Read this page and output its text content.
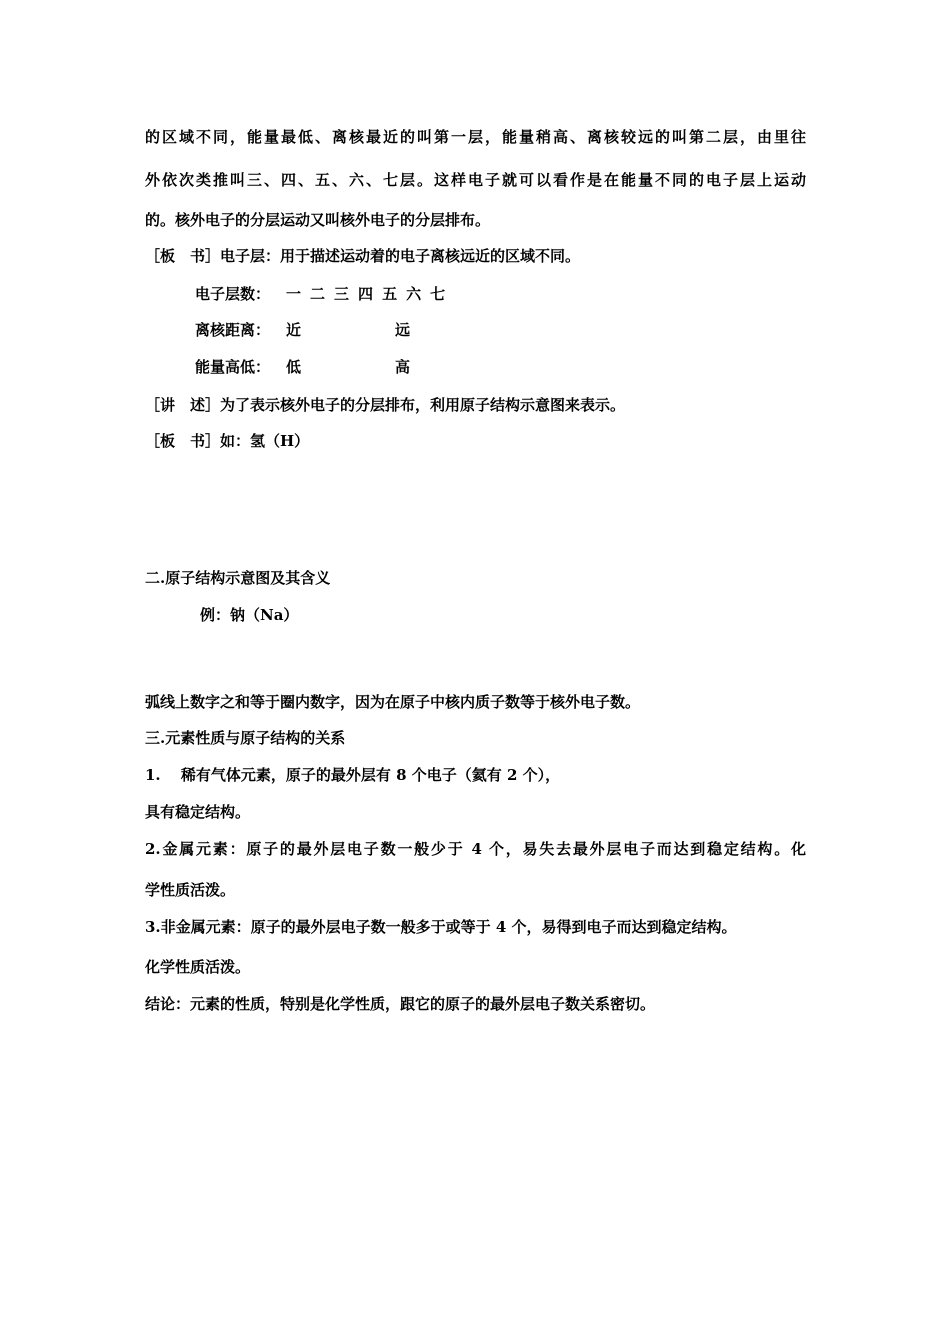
的区域不同，能量最低、离核最近的叫第一层，能量稍高、离核较远的叫第二层，由里往
外依次类推叫三、四、五、六、七层。这样电子就可以看作是在能量不同的电子层上运动
的。核外电子的分层运动又叫核外电子的分层排布。
［板　书］电子层：用于描述运动着的电子离核远近的区域不同。
电子层数： 一 二 三 四 五 六 七
离核距离： 近	远
能量高低： 低	高
［讲　述］为了表示核外电子的分层排布，利用原子结构示意图来表示。
［板　书］如：氢（H）
二.原子结构示意图及其含义
例：钠（Na）
弧线上数字之和等于圈内数字，因为在原子中核内质子数等于核外电子数。
三.元素性质与原子结构的关系
1.　 稀有气体元素，原子的最外层有 8 个电子（氦有 2 个），
具有稳定结构。
2.金属元素：原子的最外层电子数一般少于 4 个，易失去最外层电子而达到稳定结构。化
学性质活泼。
3.非金属元素：原子的最外层电子数一般多于或等于 4 个，易得到电子而达到稳定结构。
化学性质活泼。
结论：元素的性质，特别是化学性质，跟它的原子的最外层电子数关系密切。
